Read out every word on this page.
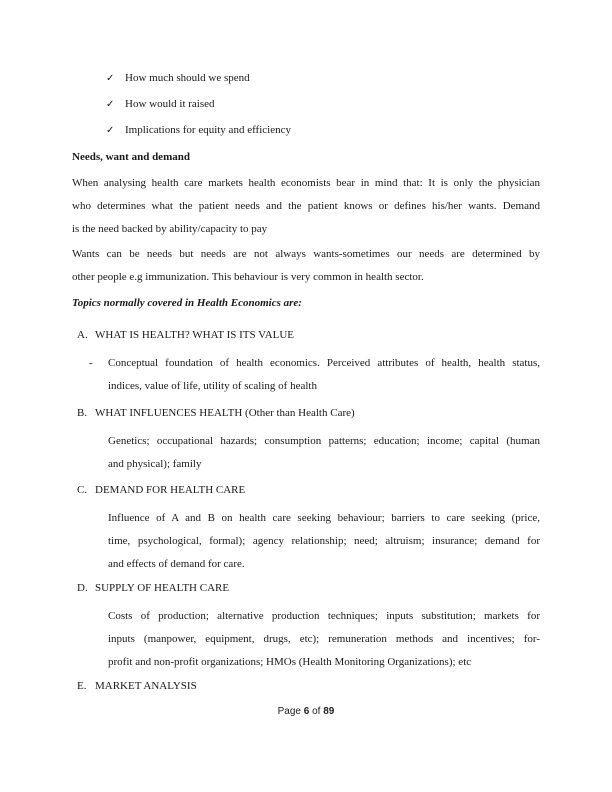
✓ How much should we spend
✓ How would it raised
✓ Implications for equity and efficiency
Needs, want and demand
When analysing health care markets health economists bear in mind that: It is only the physician
who determines what the patient needs and the patient knows or defines his/her wants. Demand
is the need backed by ability/capacity to pay
Wants can be needs but needs are not always wants-sometimes our needs are determined by
other people e.g immunization. This behaviour is very common in health sector.
Topics normally covered in Health Economics are:
A. WHAT IS HEALTH? WHAT IS ITS VALUE
- Conceptual foundation of health economics. Perceived attributes of health, health status,
indices, value of life, utility of scaling of health
B. WHAT INFLUENCES HEALTH (Other than Health Care)
Genetics; occupational hazards; consumption patterns; education; income; capital (human
and physical); family
C. DEMAND FOR HEALTH CARE
Influence of A and B on health care seeking behaviour; barriers to care seeking (price,
time, psychological, formal); agency relationship; need; altruism; insurance; demand for
and effects of demand for care.
D. SUPPLY OF HEALTH CARE
Costs of production; alternative production techniques; inputs substitution; markets for
inputs (manpower, equipment, drugs, etc); remuneration methods and incentives; for-
profit and non-profit organizations; HMOs (Health Monitoring Organizations); etc
E. MARKET ANALYSIS
Page 6 of 89
